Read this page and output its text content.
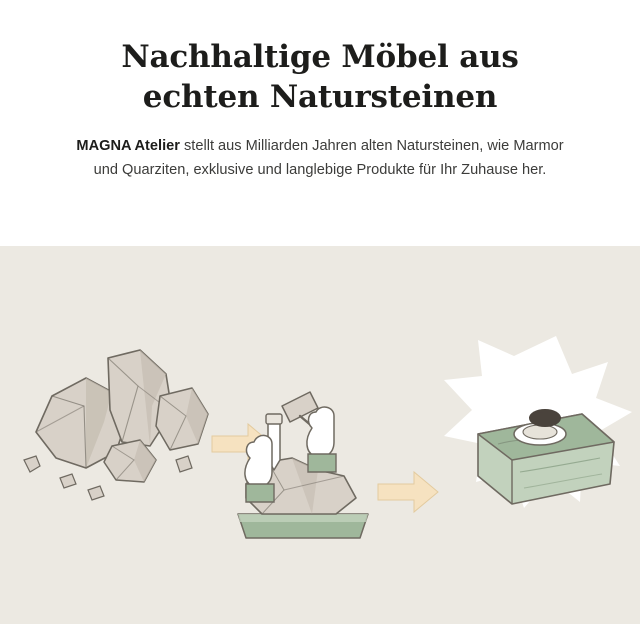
Nachhaltige Möbel aus
echten Natursteinen

MAGNA Atelier stellt aus Milliarden Jahren alten Natursteinen, wie Marmor und Quarziten, exklusive und langlebige Produkte für Ihr Zuhause her.
